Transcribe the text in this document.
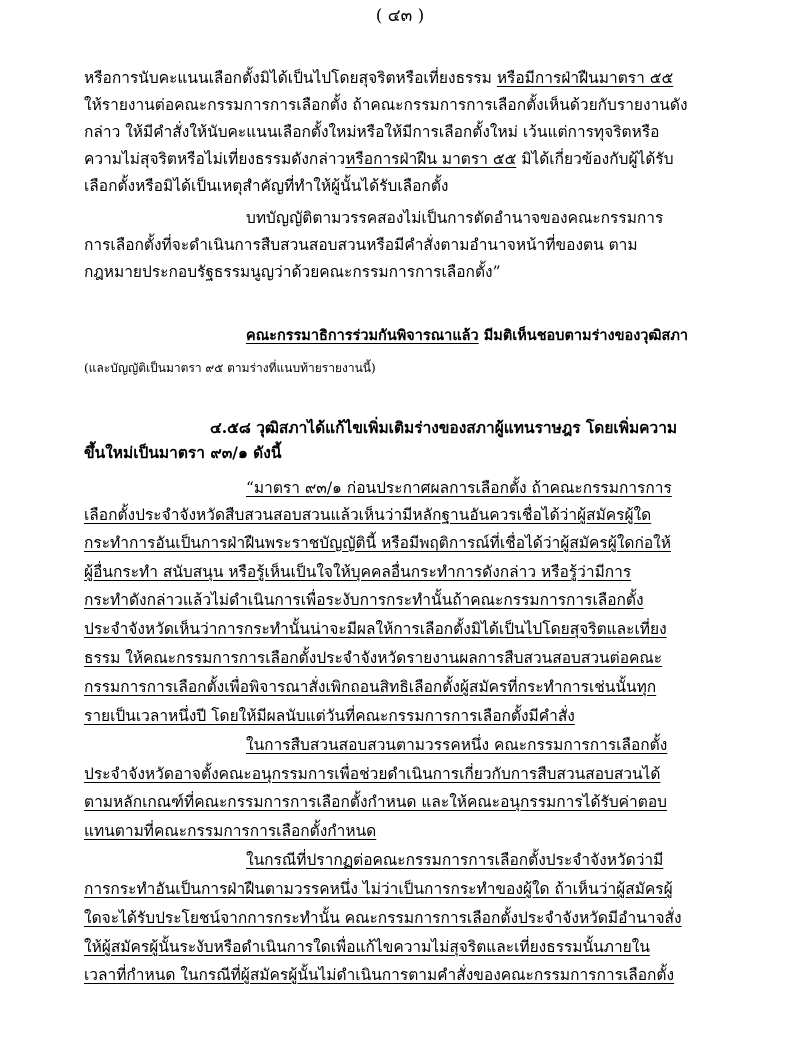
( ๔๓ )
หรือการนับคะแนนเลือกตั้งมิได้เป็นไปโดยสุจริตหรือเที่ยงธรรม หรือมีการฝ่าฝืนมาตรา ๕๕
ให้รายงานต่อคณะกรรมการการเลือกตั้ง ถ้าคณะกรรมการการเลือกตั้งเห็นด้วยกับรายงานดัง
กล่าว ให้มีคำสั่งให้นับคะแนนเลือกตั้งใหม่หรือให้มีการเลือกตั้งใหม่ เว้นแต่การทุจริตหรือ
ความไม่สุจริตหรือไม่เที่ยงธรรมดังกล่าวหรือการฝ่าฝืน มาตรา ๕๕ มิได้เกี่ยวข้องกับผู้ได้รับ
เลือกตั้งหรือมิได้เป็นเหตุสำคัญที่ทำให้ผู้นั้นได้รับเลือกตั้ง
บทบัญญัติตามวรรคสองไม่เป็นการตัดอำนาจของคณะกรรมการ
การเลือกตั้งที่จะดำเนินการสืบสวนสอบสวนหรือมีคำสั่งตามอำนาจหน้าที่ของตน ตาม
กฎหมายประกอบรัฐธรรมนูญว่าด้วยคณะกรรมการการเลือกตั้ง”
คณะกรรมาธิการร่วมกันพิจารณาแล้ว มีมติเห็นชอบตามร่างของวุฒิสภา
(และบัญญัติเป็นมาตรา ๙๕ ตามร่างที่แนบท้ายรายงานนี้)
๔.๕๘ วุฒิสภาได้แก้ไขเพิ่มเติมร่างของสภาผู้แทนราษฎร โดยเพิ่มความ
ขึ้นใหม่เป็นมาตรา ๙๓/๑ ดังนี้
“มาตรา ๙๓/๑ ก่อนประกาศผลการเลือกตั้ง ถ้าคณะกรรมการการ
เลือกตั้งประจำจังหวัดสืบสวนสอบสวนแล้วเห็นว่ามีหลักฐานอันควรเชื่อได้ว่าผู้สมัครผู้ใด
กระทำการอันเป็นการฝ่าฝืนพระราชบัญญัตินี้ หรือมีพฤติการณ์ที่เชื่อได้ว่าผู้สมัครผู้ใดก่อให้
ผู้อื่นกระทำ สนับสนุน หรือรู้เห็นเป็นใจให้บุคคลอื่นกระทำการดังกล่าว หรือรู้ว่ามีการ
กระทำดังกล่าวแล้วไม่ดำเนินการเพื่อระงับการกระทำนั้นถ้าคณะกรรมการการเลือกตั้ง
ประจำจังหวัดเห็นว่าการกระทำนั้นน่าจะมีผลให้การเลือกตั้งมิได้เป็นไปโดยสุจริตและเที่ยง
ธรรม ให้คณะกรรมการการเลือกตั้งประจำจังหวัดรายงานผลการสืบสวนสอบสวนต่อคณะ
กรรมการการเลือกตั้งเพื่อพิจารณาสั่งเพิกถอนสิทธิเลือกตั้งผู้สมัครที่กระทำการเช่นนั้นทุก
รายเป็นเวลาหนึ่งปี โดยให้มีผลนับแต่วันที่คณะกรรมการการเลือกตั้งมีคำสั่ง
ในการสืบสวนสอบสวนตามวรรคหนึ่ง คณะกรรมการการเลือกตั้ง
ประจำจังหวัดอาจตั้งคณะอนุกรรมการเพื่อช่วยดำเนินการเกี่ยวกับการสืบสวนสอบสวนได้
ตามหลักเกณฑ์ที่คณะกรรมการการเลือกตั้งกำหนด และให้คณะอนุกรรมการได้รับค่าตอบ
แทนตามที่คณะกรรมการการเลือกตั้งกำหนด
ในกรณีที่ปรากฏต่อคณะกรรมการการเลือกตั้งประจำจังหวัดว่ามี
การกระทำอันเป็นการฝ่าฝืนตามวรรคหนึ่ง ไม่ว่าเป็นการกระทำของผู้ใด ถ้าเห็นว่าผู้สมัครผู้
ใดจะได้รับประโยชน์จากการกระทำนั้น คณะกรรมการการเลือกตั้งประจำจังหวัดมีอำนาจสั่ง
ให้ผู้สมัครผู้นั้นระงับหรือดำเนินการใดเพื่อแก้ไขความไม่สุจริตและเที่ยงธรรมนั้นภายใน
เวลาที่กำหนด ในกรณีที่ผู้สมัครผู้นั้นไม่ดำเนินการตามคำสั่งของคณะกรรมการการเลือกตั้ง
